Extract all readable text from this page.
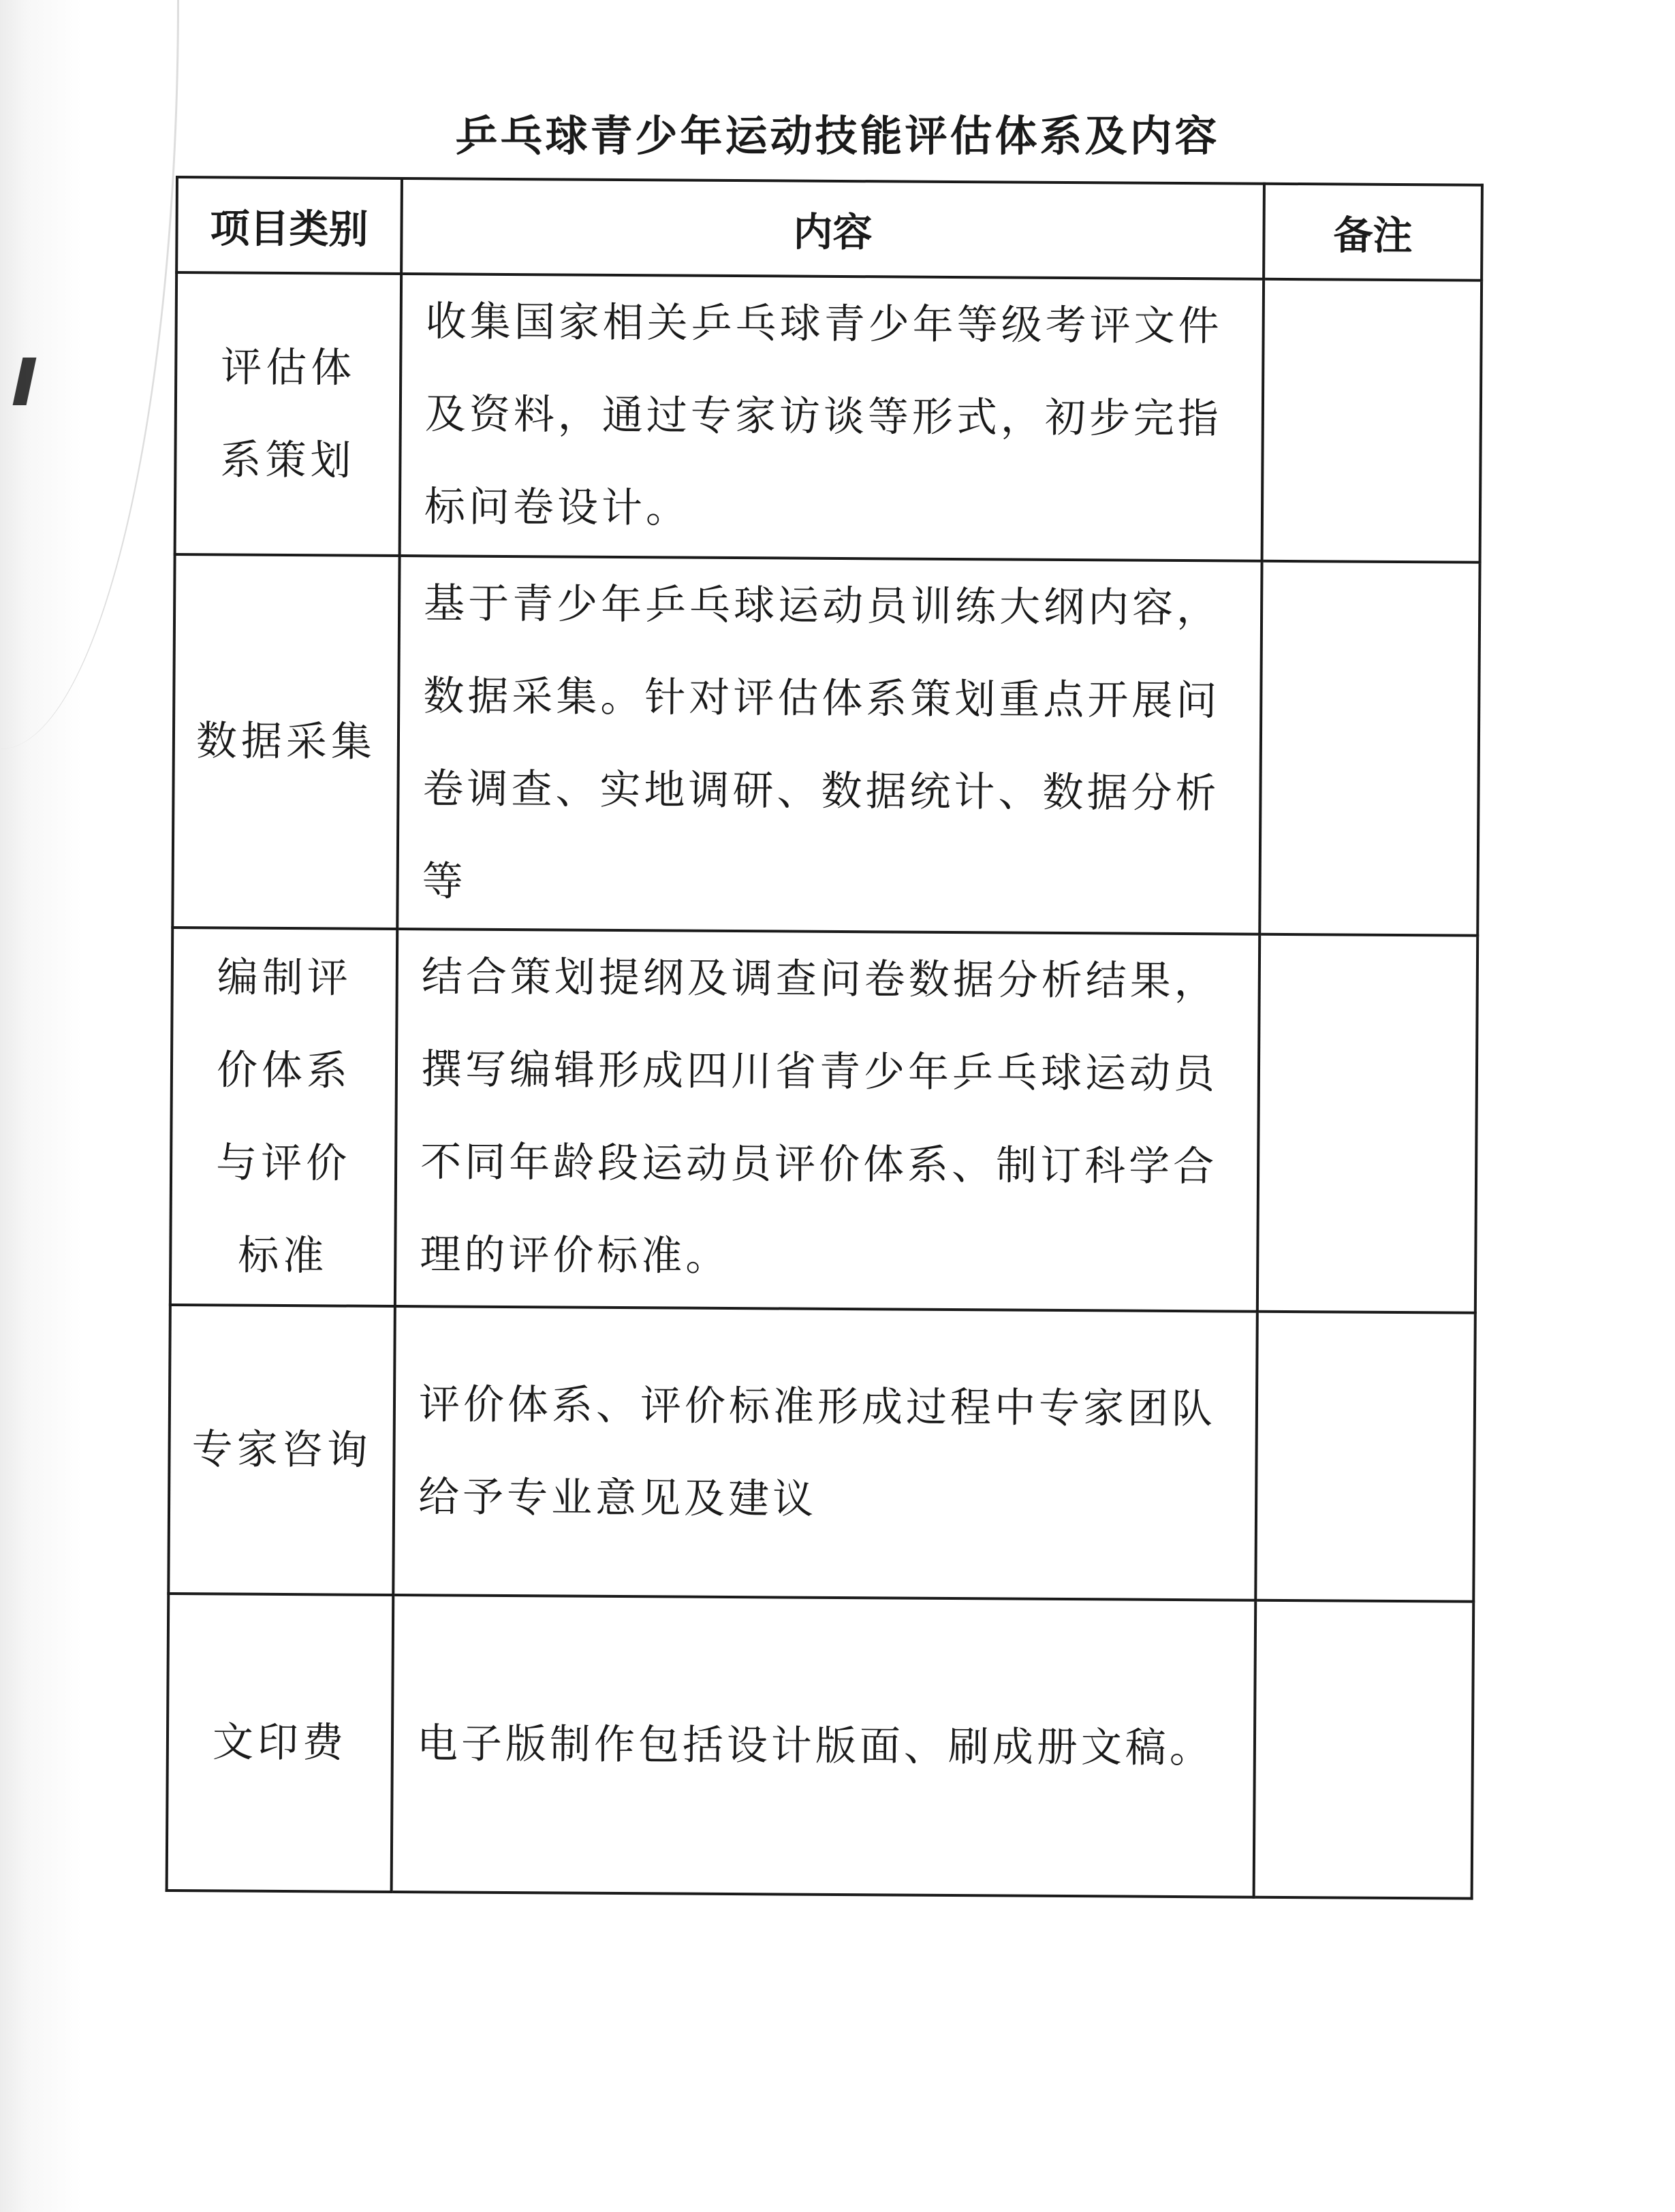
乒乓球青少年运动技能评估体系及内容
项目类别	内容	备注
评估体系策划	收集国家相关乒乓球青少年等级考评文件及资料，通过专家访谈等形式，初步完指标问卷设计。	
数据采集	基于青少年乒乓球运动员训练大纲内容，数据采集。针对评估体系策划重点开展问卷调查、实地调研、数据统计、数据分析等	
编制评价体系与评价标准	结合策划提纲及调查问卷数据分析结果，撰写编辑形成四川省青少年乒乓球运动员不同年龄段运动员评价体系、制订科学合理的评价标准。	
专家咨询	评价体系、评价标准形成过程中专家团队给予专业意见及建议	
文印费	电子版制作包括设计版面、刷成册文稿。	
